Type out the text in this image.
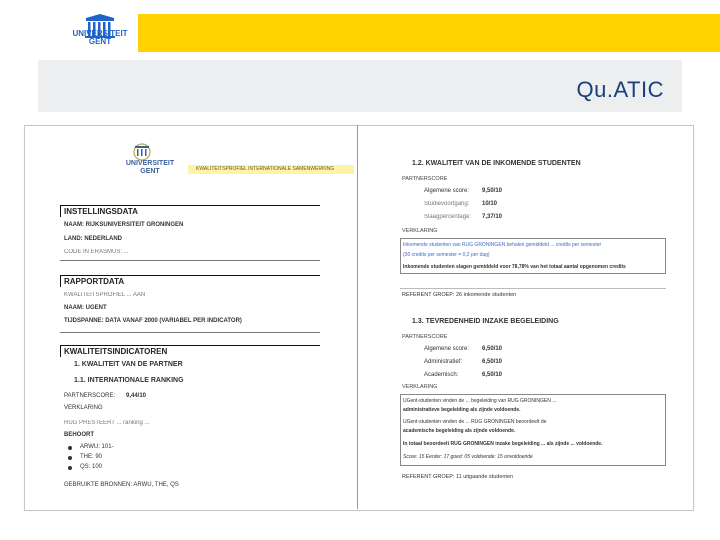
UNIVERSITEIT
GENT
Qu.ATIC
UNIVERSITEIT
GENT	KWALITEITSPROFIEL INTERNATIONALE SAMENWERKING
INSTELLINGSDATA
NAAM: RIJKSUNIVERSITEIT GRONINGEN
LAND: NEDERLAND
CODE IN ERASMUS: ...
RAPPORTDATA
KWALITEITSPROFIEL ... AAN
NAAM: UGENT
TIJDSPANNE: DATA VANAF 2000 (VARIABEL PER INDICATOR)
KWALITEITSINDICATOREN
1. KWALITEIT VAN DE PARTNER
1.1. INTERNATIONALE RANKING
PARTNERSCORE: 9,44/10
VERKLARING
RUG PRESTEERT ... ranking ...
BEHOORT
ARWU: 101-
THE: 90
QS: 100
GEBRUIKTE BRONNEN: ARWU, THE, QS
1.2. KWALITEIT VAN DE INKOMENDE STUDENTEN
PARTNERSCORE
Algemene score: 9,50/10
Studievoortgang: 10/10
Slaagpercentage: 7,37/10
VERKLARING
Inkomende studenten van RUG GRONINGEN behalen gemiddeld ... credits per semester
(30 credits per semester = 0,2 per dag)
Inkomende studenten slagen gemiddeld voor 78,78% van het totaal aantal opgenomen credits
REFERENT GROEP: 26 inkomende studenten
1.3. TEVREDENHEID INZAKE BEGELEIDING
PARTNERSCORE
Algemene score: 6,50/10
Administratief:	6,50/10
Academisch:	6,50/10
VERKLARING
UGent-studenten vinden de ... begeleiding van RUG GRONINGEN ...
administratieve begeleiding als zijnde voldoende.
UGent-studenten vinden de ... RUG GRONINGEN beoordeelt de
academische begeleiding als zijnde voldoende.
In totaal beoordeelt RUG GRONINGEN inzake begeleiding ... als zijnde ... voldoende.
Score: 15 Eerder: 17 goed: 05 voldoende: 15 onvoldoende
REFERENT GROEP: 11 uitgaande studenten
